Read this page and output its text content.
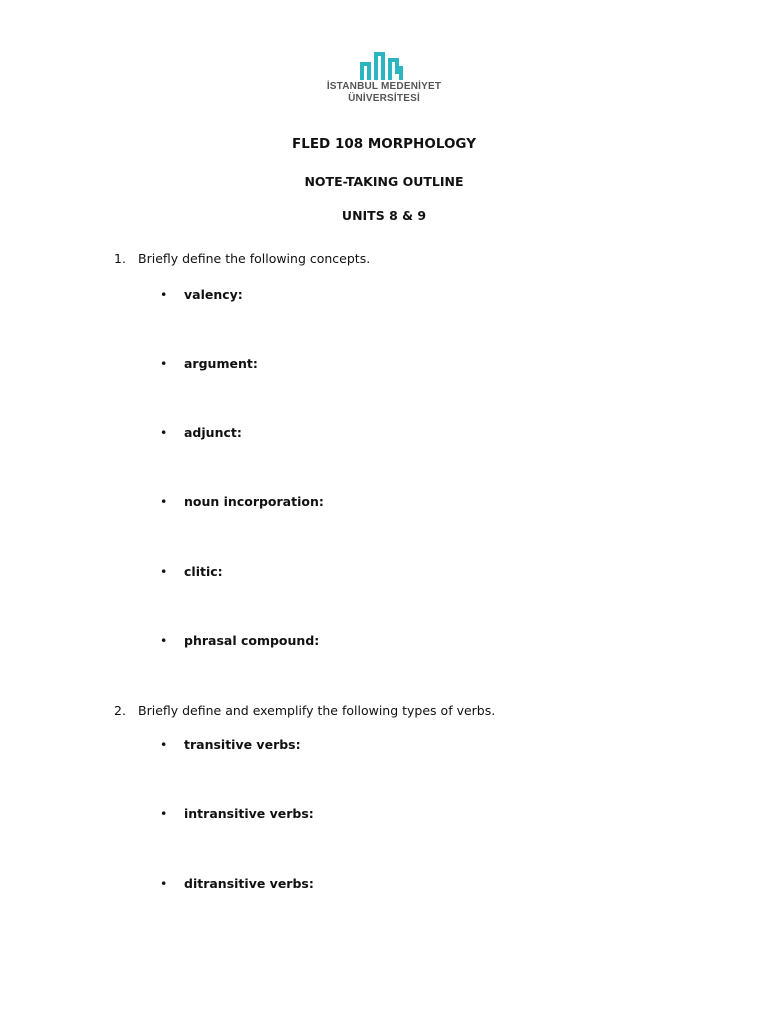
İSTANBUL MEDENİYET
ÜNİVERSİTESİ
FLED 108 MORPHOLOGY
NOTE-TAKING OUTLINE
UNITS 8 & 9
1. Briefly define the following concepts.
• valency:
• argument:
• adjunct:
• noun incorporation:
• clitic:
• phrasal compound:
2. Briefly define and exemplify the following types of verbs.
• transitive verbs:
• intransitive verbs:
• ditransitive verbs:
